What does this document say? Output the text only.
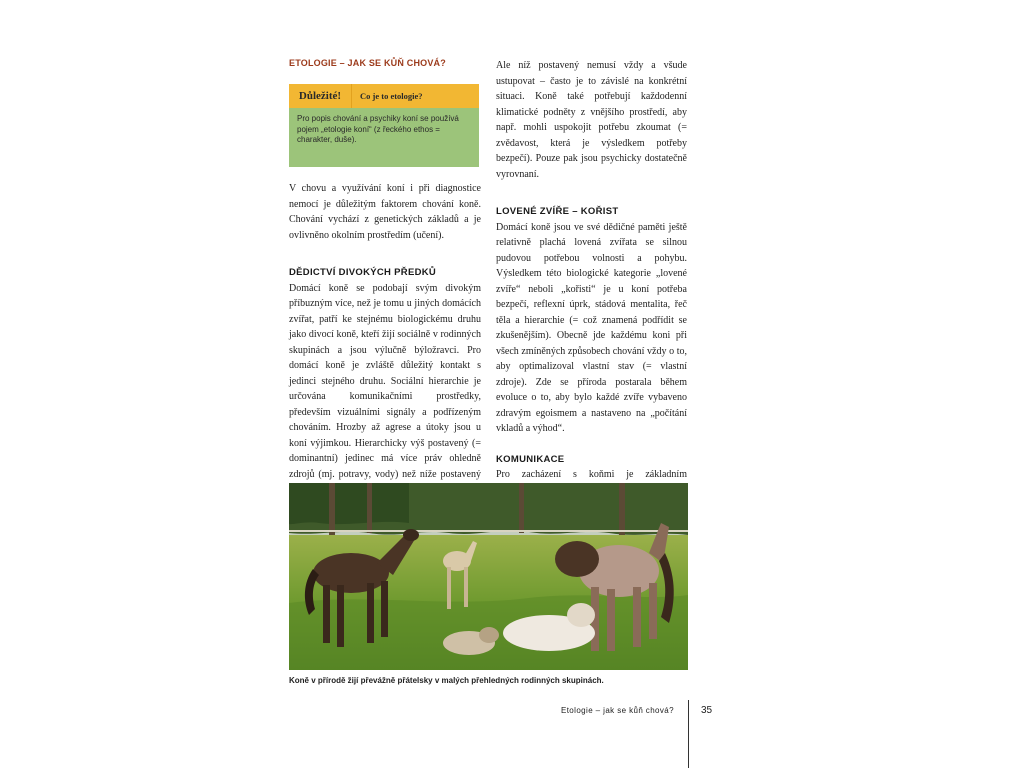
ETOLOGIE – JAK SE KŮŇ CHOVÁ?
Důležité!	Co je to etologie?
Pro popis chování a psychiky koní se používá pojem „etologie koní“ (z řeckého ethos = charakter, duše).

V chovu a využívání koní i při diagnostice nemocí je důležitým faktorem chování koně. Chování vychází z genetických základů a je ovlivněno okolním prostředím (učení).

DĚDICTVÍ DIVOKÝCH PŘEDKŮ

Domácí koně se podobají svým divokým příbuzným více, než je tomu u jiných domácích zvířat, patří ke stejnému biologickému druhu jako divocí koně, kteří žijí sociálně v rodinných skupinách a jsou výlučně býložravci. Pro domácí koně je zvláště důležitý kontakt s jedinci stejného druhu. Sociální hierarchie je určována komunikačními prostředky, především vizuálními signály a podřízeným chováním. Hrozby až agrese a útoky jsou u koní výjimkou. Hierarchicky výš postavený (= dominantní) jedinec má více práv ohledně zdrojů (mj. potravy, vody) než níže postavený

Ale níž postavený nemusí vždy a všude ustupovat – často je to závislé na konkrétní situaci. Koně také potřebují každodenní klimatické podněty z vnějšího prostředí, aby např. mohli uspokojit potřebu zkoumat (= zvědavost, která je výsledkem potřeby bezpečí). Pouze pak jsou psychicky dostatečně vyrovnaní.

LOVENÉ ZVÍŘE – KOŘIST

Domácí koně jsou ve své dědičné paměti ještě relativně plachá lovená zvířata se silnou pudovou potřebou volnosti a pohybu. Výsledkem této biologické kategorie „lovené zvíře“ neboli „kořisti“ je u koní potřeba bezpečí, reflexní úprk, stádová mentalita, řeč těla a hierarchie (= což znamená podřídit se zkušenějším). Obecně jde každému koni při všech zmíněných způsobech chování vždy o to, aby optimalizoval vlastní stav (= vlastní zdroje). Zde se příroda postarala během evoluce o to, aby bylo každé zvíře vybaveno zdravým egoismem a nastaveno na „počítání vkladů a výhod“.

KOMUNIKACE

Pro zacházení s koňmi je základním

Koně v přírodě žijí převážně přátelsky v malých přehledných rodinných skupinách.
Etologie – jak se kůň chová?	35
